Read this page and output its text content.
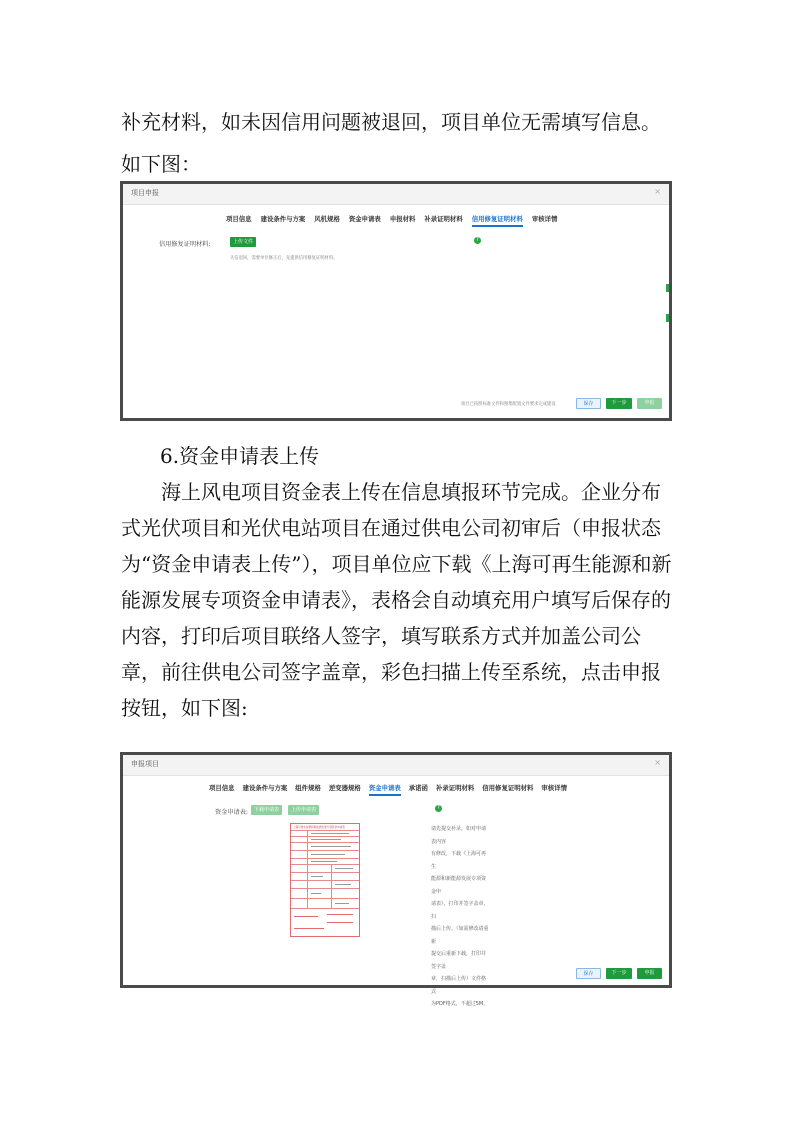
补充材料，如未因信用问题被退回，项目单位无需填写信息。
如下图：
项目申报	×
项目信息 建设条件与方案 风机规格 资金申请表 申报材料 补录证明材料 信用修复证明材料 审核详情
信用修复证明材料:	上传文件	?
失信退回，需要单位修正后，先提供信用修复证明材料。
项目已按照标准文件和图集配置文件要求完成建设	保存	下一步	申报
6.资金申请表上传

海上风电项目资金表上传在信息填报环节完成。企业分布式光伏项目和光伏电站项目在通过供电公司初审后（申报状态为“资金申请表上传”），项目单位应下载《上海可再生能源和新能源发展专项资金申请表》，表格会自动填充用户填写后保存的内容，打印后项目联络人签字，填写联系方式并加盖公司公章，前往供电公司签字盖章，彩色扫描上传至系统，点击申报按钮，如下图:

申报项目	×
项目信息 建设条件与方案 组件规格 逆变器规格 资金申请表 承诺函 补录证明材料 信用修复证明材料 审核详情
资金申请表:	下载申请表	上传申请表	?
上海可再生能源和新能源发展专项资金申请表	请先提交补录，如对申请表内容
有修改，下载《上海可再生
能源和新能源发展专项资金申
请表》，打印并签字盖章，扫
描后上传。（如需修改请重新
提交后重新下载，打印并签字盖
章，扫描后上传）文件格式
为PDF格式，不超过5M。
保存	下一步	申报
